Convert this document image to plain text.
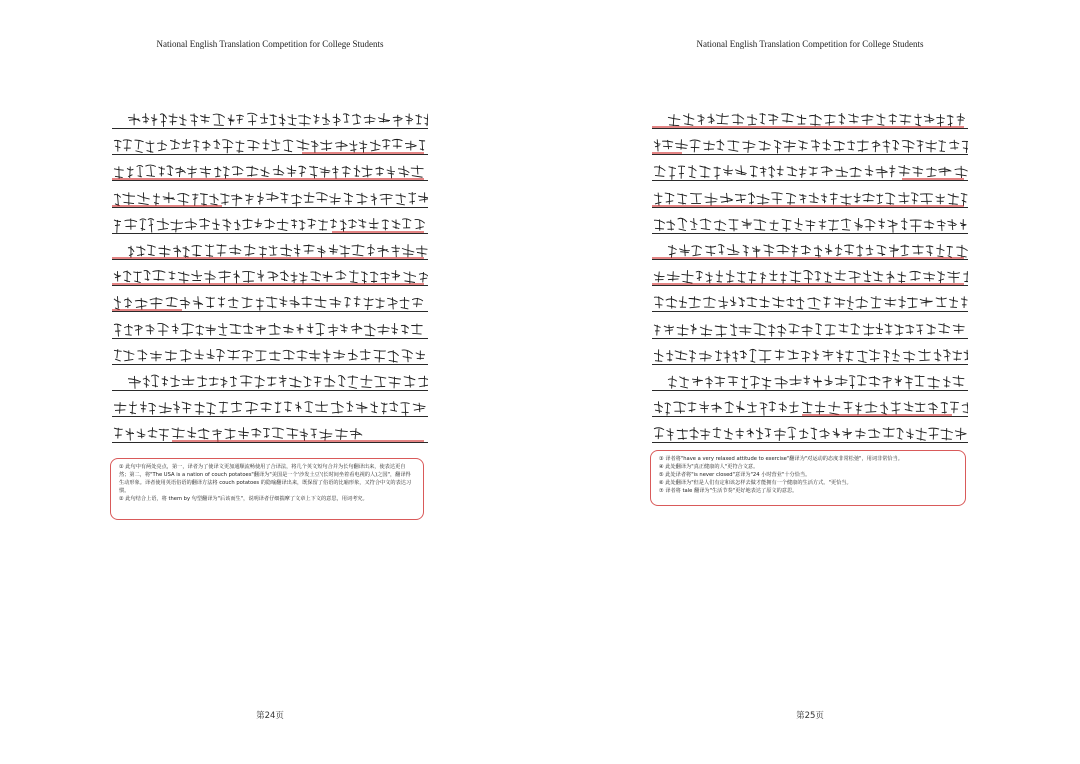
National English Translation Competition for College Students

① 此句中有两处亮点，第一，译者为了使译文更加通顺流畅使用了合译法，将几个英文短句合并为长句翻译出来，使表达更自然；第二，将"The USA is a nation of couch potatoes"翻译为"美国是一个'沙发土豆'(长时间坐着看电视的人)之国"，翻译得生动形象。译者使用英语俗语的翻译方法将 couch potatoes 的隐喻翻译出来，既保留了俗语的比喻形象，又符合中文的表达习惯。

② 此句结合上语，将 them by 句型翻译为"后该而生"，说明译者仔细揣摩了文章上下文的意思，用词考究。

第24页
National English Translation Competition for College Students

③ 译者将"have a very relaxed attitude to exercise"翻译为"对运动的态度非常松弛"，用词非常恰当。

④ 此处翻译为"真正健康的人"更符合文意。

⑤ 此处译者将"is never closed"意译为"24 小时营业"十分恰当。

⑥ 此处翻译为"但是人们有定和该怎样去做才能拥有一个健康的生活方式。"更恰当。

⑦ 译者将 tale 翻译为"生活节奏"更好地表达了原文的意思。

第25页
